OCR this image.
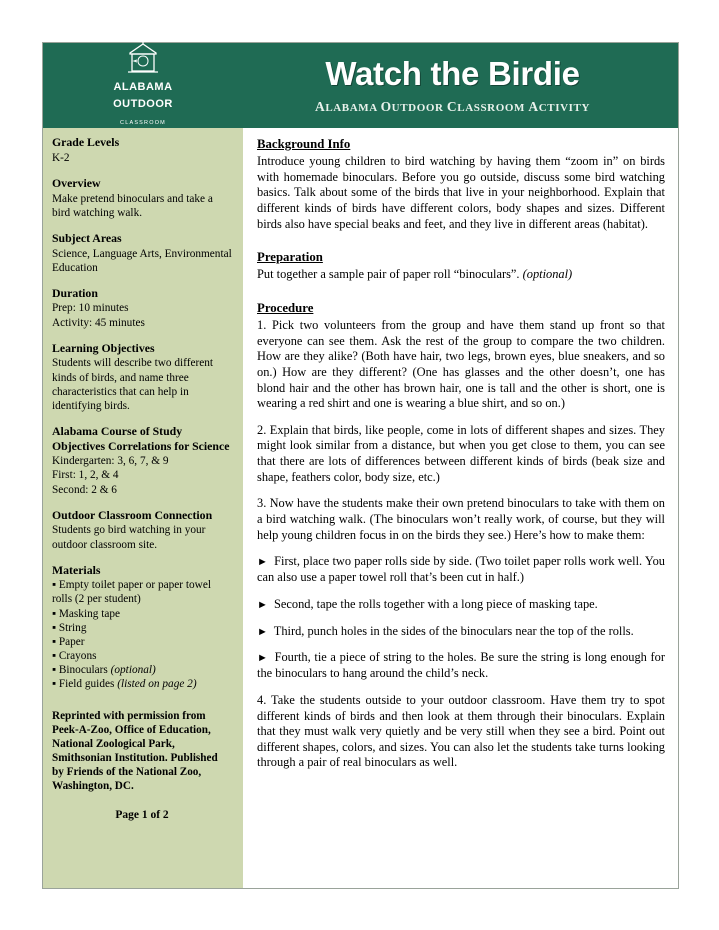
ALABAMA
OUTDOOR
CLASSROOM
Watch the Birdie
ALABAMA OUTDOOR CLASSROOM ACTIVITY
Grade Levels
K-2
Overview
Make pretend binoculars and take a bird watching walk.
Subject Areas
Science, Language Arts, Environmental Education
Duration
Prep: 10 minutes
Activity: 45 minutes
Learning Objectives
Students will describe two different kinds of birds, and name three characteristics that can help in identifying birds.
Alabama Course of Study Objectives Correlations for Science
Kindergarten: 3, 6, 7, & 9
First: 1, 2, & 4
Second: 2 & 6
Outdoor Classroom Connection
Students go bird watching in your outdoor classroom site.
Materials
▪ Empty toilet paper or paper towel rolls (2 per student)
▪ Masking tape
▪ String
▪ Paper
▪ Crayons
▪ Binoculars (optional)
▪ Field guides (listed on page 2)
Reprinted with permission from Peek-A-Zoo, Office of Education, National Zoological Park, Smithsonian Institution. Published by Friends of the National Zoo, Washington, DC.
Page 1 of 2
Background Info

Introduce young children to bird watching by having them “zoom in” on birds with homemade binoculars. Before you go outside, discuss some bird watching basics. Talk about some of the birds that live in your neighborhood. Explain that different kinds of birds have different colors, body shapes and sizes. Different birds also have special beaks and feet, and they live in different areas (habitat).

Preparation

Put together a sample pair of paper roll “binoculars”. (optional)

Procedure
1. Pick two volunteers from the group and have them stand up front so that everyone can see them. Ask the rest of the group to compare the two children. How are they alike? (Both have hair, two legs, brown eyes, blue sneakers, and so on.) How are they different? (One has glasses and the other doesn’t, one has blond hair and the other has brown hair, one is tall and the other is short, one is wearing a red shirt and one is wearing a blue shirt, and so on.)
2. Explain that birds, like people, come in lots of different shapes and sizes. They might look similar from a distance, but when you get close to them, you can see that there are lots of differences between different kinds of birds (beak size and shape, feathers color, body size, etc.)
3. Now have the students make their own pretend binoculars to take with them on a bird watching walk. (The binoculars won’t really work, of course, but they will help young children focus in on the birds they see.) Here’s how to make them:
► First, place two paper rolls side by side. (Two toilet paper rolls work well. You can also use a paper towel roll that’s been cut in half.)
► Second, tape the rolls together with a long piece of masking tape.
► Third, punch holes in the sides of the binoculars near the top of the rolls.
► Fourth, tie a piece of string to the holes. Be sure the string is long enough for the binoculars to hang around the child’s neck.
4. Take the students outside to your outdoor classroom. Have them try to spot different kinds of birds and then look at them through their binoculars. Explain that they must walk very quietly and be very still when they see a bird. Point out different shapes, colors, and sizes. You can also let the students take turns looking through a pair of real binoculars as well.
